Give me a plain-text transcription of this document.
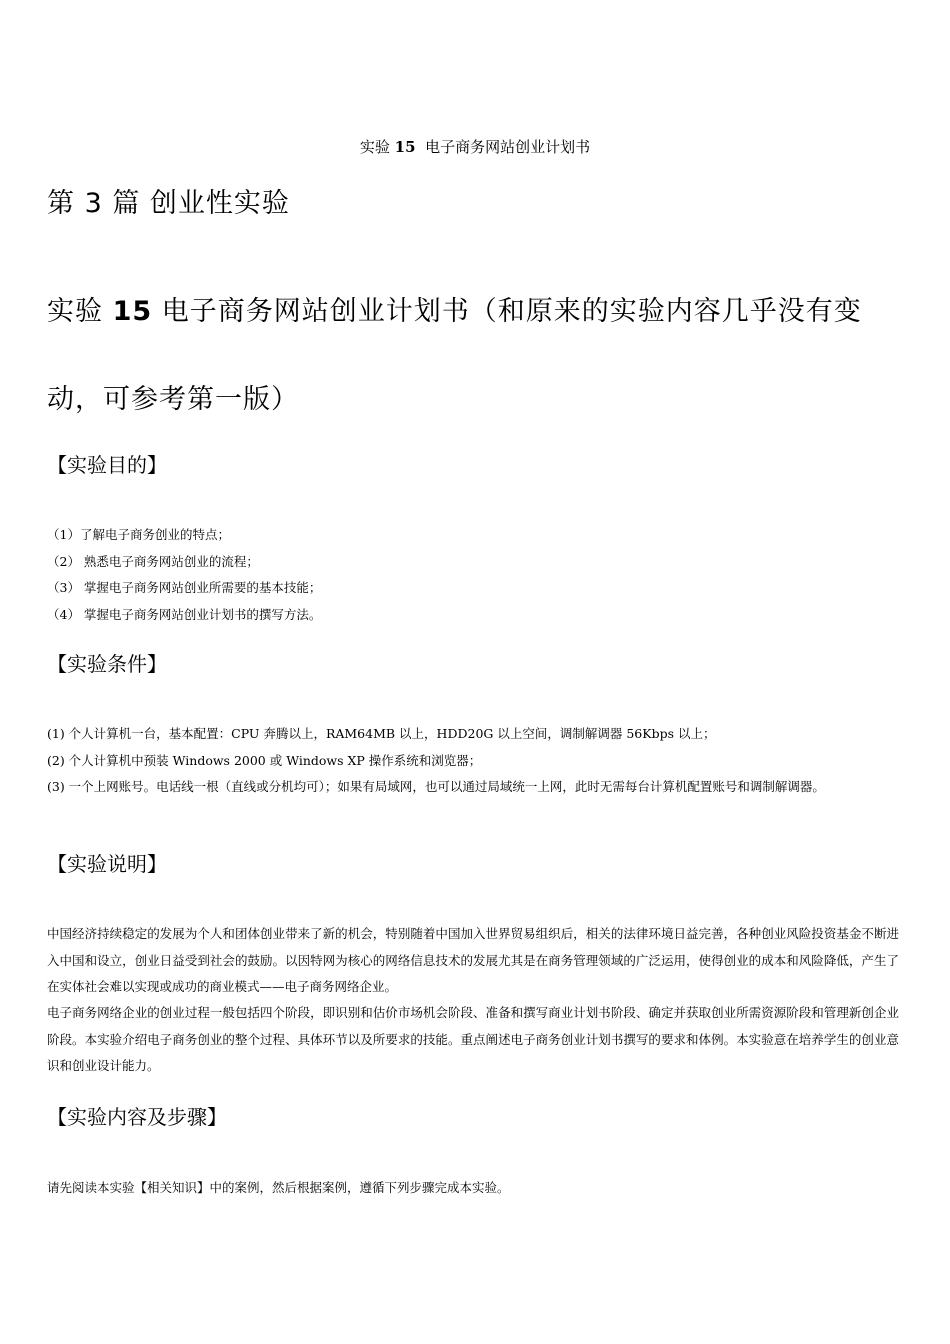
实验 15 电子商务网站创业计划书
第 3 篇 创业性实验
实验 15 电子商务网站创业计划书（和原来的实验内容几乎没有变动，可参考第一版）
【实验目的】
（1）了解电子商务创业的特点；
（2） 熟悉电子商务网站创业的流程；
（3） 掌握电子商务网站创业所需要的基本技能；
（4） 掌握电子商务网站创业计划书的撰写方法。
【实验条件】
(1) 个人计算机一台，基本配置：CPU 奔腾以上，RAM64MB 以上，HDD20G 以上空间，调制解调器 56Kbps 以上；
(2) 个人计算机中预装 Windows 2000 或 Windows XP 操作系统和浏览器；
(3) 一个上网账号。电话线一根（直线或分机均可）；如果有局域网，也可以通过局域统一上网，此时无需每台计算机配置账号和调制解调器。
【实验说明】

中国经济持续稳定的发展为个人和团体创业带来了新的机会，特别随着中国加入世界贸易组织后，相关的法律环境日益完善，各种创业风险投资基金不断进入中国和设立，创业日益受到社会的鼓励。以因特网为核心的网络信息技术的发展尤其是在商务管理领域的广泛运用，使得创业的成本和风险降低，产生了在实体社会难以实现或成功的商业模式——电子商务网络企业。

电子商务网络企业的创业过程一般包括四个阶段，即识别和估价市场机会阶段、准备和撰写商业计划书阶段、确定并获取创业所需资源阶段和管理新创企业阶段。本实验介绍电子商务创业的整个过程、具体环节以及所要求的技能。重点阐述电子商务创业计划书撰写的要求和体例。本实验意在培养学生的创业意识和创业设计能力。

【实验内容及步骤】

请先阅读本实验【相关知识】中的案例，然后根据案例，遵循下列步骤完成本实验。
